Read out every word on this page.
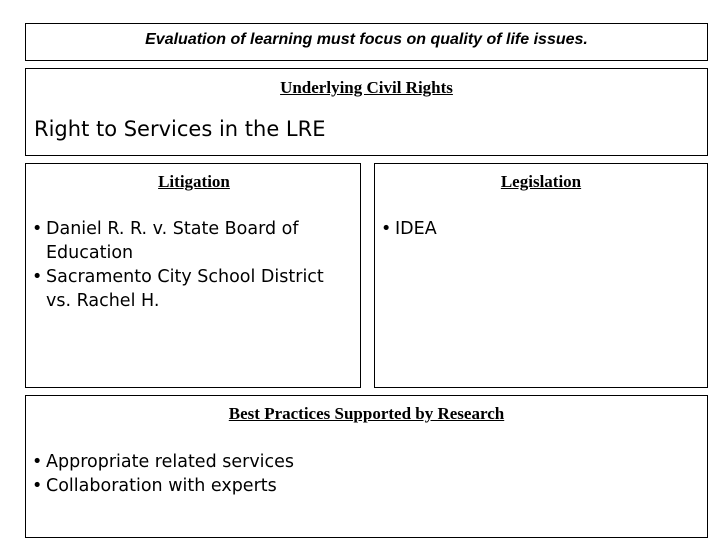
Evaluation of learning must focus on quality of life issues.
Underlying Civil Rights
Right to Services in the LRE
Litigation
• Daniel R. R. v. State Board of
Education
• Sacramento City School District
vs. Rachel H.
Legislation
• IDEA
Best Practices Supported by Research
• Appropriate related services
• Collaboration with experts
